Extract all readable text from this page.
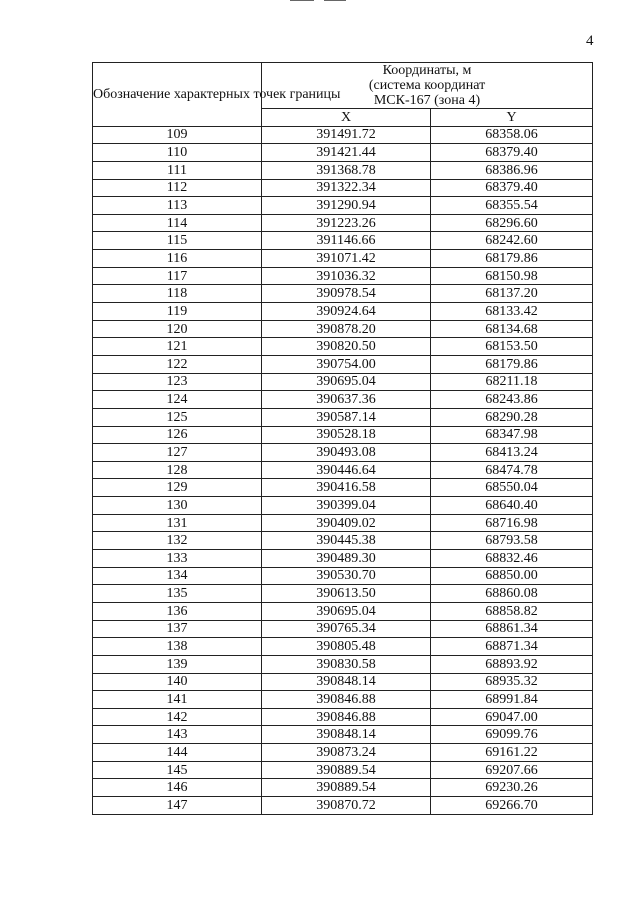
4
Обозначение характерных точек границы	Координаты, м
(система координат
МСК-167 (зона 4)	

	X	Y
109	391491.72	68358.06
110	391421.44	68379.40
111	391368.78	68386.96
112	391322.34	68379.40
113	391290.94	68355.54
114	391223.26	68296.60
115	391146.66	68242.60
116	391071.42	68179.86
117	391036.32	68150.98
118	390978.54	68137.20
119	390924.64	68133.42
120	390878.20	68134.68
121	390820.50	68153.50
122	390754.00	68179.86
123	390695.04	68211.18
124	390637.36	68243.86
125	390587.14	68290.28
126	390528.18	68347.98
127	390493.08	68413.24
128	390446.64	68474.78
129	390416.58	68550.04
130	390399.04	68640.40
131	390409.02	68716.98
132	390445.38	68793.58
133	390489.30	68832.46
134	390530.70	68850.00
135	390613.50	68860.08
136	390695.04	68858.82
137	390765.34	68861.34
138	390805.48	68871.34
139	390830.58	68893.92
140	390848.14	68935.32
141	390846.88	68991.84
142	390846.88	69047.00
143	390848.14	69099.76
144	390873.24	69161.22
145	390889.54	69207.66
146	390889.54	69230.26
147	390870.72	69266.70
